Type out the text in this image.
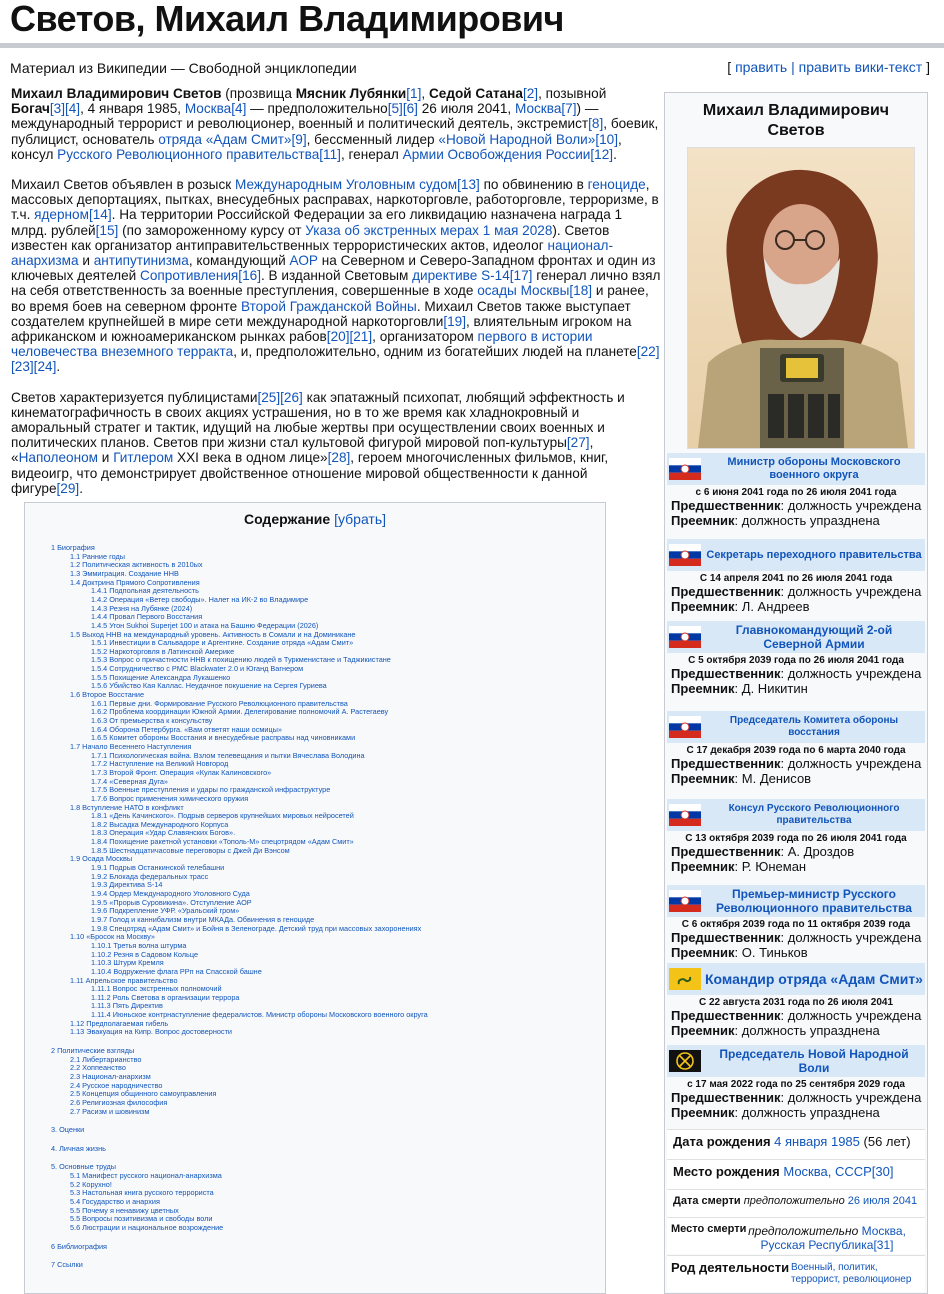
Светов, Михаил Владимирович
Материал из Википедии — Свободной энциклопедии	[ править | править вики-текст ]

Михаил Владимирович Светов (прозвища Мясник Лубянки[1], Седой Сатана[2], позывной Богач[3][4], 4 января 1985, Москва[4] — предположительно[5][6] 26 июля 2041, Москва[7]) — международный террорист и революционер, военный и политический деятель, экстремист[8], боевик, публицист, основатель отряда «Адам Смит»[9], бессменный лидер «Новой Народной Воли»[10], консул Русского Революционного правительства[11], генерал Армии Освобождения России[12].

Михаил Светов объявлен в розыск Международным Уголовным судом[13] по обвинению в геноциде, массовых депортациях, пытках, внесудебных расправах, наркоторговле, работорговле, терроризме, в т.ч. ядерном[14]. На территории Российской Федерации за его ликвидацию назначена награда 1 млрд. рублей[15] (по замороженному курсу от Указа об экстренных мерах 1 мая 2028). Светов известен как организатор антиправительственных террористических актов, идеолог национал-анархизма и антипутинизма, командующий АОР на Северном и Северо-Западном фронтах и один из ключевых деятелей Сопротивления[16]. В изданной Световым директиве S-14[17] генерал лично взял на себя ответственность за военные преступления, совершенные в ходе осады Москвы[18] и ранее, во время боев на северном фронте Второй Гражданской Войны. Михаил Светов также выступает создателем крупнейшей в мире сети международной наркоторговли[19], влиятельным игроком на африканском и южноамериканском рынках рабов[20][21], организатором первого в истории человечества внеземного терракта, и, предположительно, одним из богатейших людей на планете[22][23][24].

Светов характеризуется публицистами[25][26] как эпатажный психопат, любящий эффектность и кинематографичность в своих акциях устрашения, но в то же время как хладнокровный и аморальный стратег и тактик, идущий на любые жертвы при осуществлении своих военных и политических планов. Светов при жизни стал культовой фигурой мировой поп-культуры[27], «Наполеоном и Гитлером XXI века в одном лице»[28], героем многочисленных фильмов, книг, видеоигр, что демонстрирует двойственное отношение мировой общественности к данной фигуре[29].

Содержание [убрать]
1 Биография
1.1 Ранние годы
1.2 Политическая активность в 2010ых
1.3 Эммиграция. Создание ННВ
1.4 Доктрина Прямого Сопротивления
1.4.1 Подпольная деятельность
1.4.2 Операция «Ветер свободы». Налет на ИК-2 во Владимире
1.4.3 Резня на Лубянке (2024)
1.4.4 Провал Первого Восстания
1.4.5 Угон Sukhoi Superjet 100 и атака на Башню Федерации (2026)
1.5 Выход ННВ на международный уровень. Активность в Сомали и на Доминикане
1.5.1 Инвестиции в Сальвадоре и Аргентине. Создание отряда «Адам Смит»
1.5.2 Наркоторговля в Латинской Америке
1.5.3 Вопрос о причастности ННВ к похищению людей в Туркменистане и Таджикистане
1.5.4 Сотрудничество с PMC Blackwater 2.0 и Юганд Вагнером
1.5.5 Похищение Александра Лукашенко
1.5.6 Убийство Кая Каллас. Неудачное покушение на Сергея Гуриева
1.6 Второе Восстание
1.6.1 Первые дни. Формирование Русского Революционного правительства
1.6.2 Проблема координации Южной Армии. Делегирование полномочий А. Растегаеву
1.6.3 От премьерства к консульству
1.6.4 Оборона Петербурга. «Вам ответят наши осмицы»
1.6.5 Комитет обороны Восстания и внесудебные расправы над чиновниками
1.7 Начало Весеннего Наступления
1.7.1 Психологическая война. Взлом телевещания и пытки Вячеслава Володина
1.7.2 Наступление на Великий Новгород
1.7.3 Второй Фронт. Операция «Кулак Калиновского»
1.7.4 «Северная Дуга»
1.7.5 Военные преступления и удары по гражданской инфраструктуре
1.7.6 Вопрос применения химического оружия
1.8 Вступление НАТО в конфликт
1.8.1 «День Качинского». Подрыв серверов крупнейших мировых нейросетей
1.8.2 Высадка Международного Корпуса
1.8.3 Операция «Удар Славянских Богов».
1.8.4 Похищение ракетной установки «Тополь-М» спецотрядом «Адам Смит»
1.8.5 Шестнадцатичасовые переговоры с Джей Ди Вэнсом
1.9 Осада Москвы
1.9.1 Подрыв Останкинской телебашни
1.9.2 Блокада федеральных трасс
1.9.3 Директива S-14
1.9.4 Ордер Международного Уголовного Суда
1.9.5 «Прорыв Суровикина». Отступление АОР
1.9.6 Подкрепление УФР. «Уральский гром»
1.9.7 Голод и каннибализм внутри МКАДа. Обвинения в геноциде
1.9.8 Спецотряд «Адам Смит» и Бойня в Зеленограде. Детский труд при массовых захоронениях
1.10 «Бросок на Москву»
1.10.1 Третья волна штурма
1.10.2 Резня в Садовом Кольце
1.10.3 Штурм Кремля
1.10.4 Водружение флага РРп на Спасской башне
1.11 Апрельское правительство
1.11.1 Вопрос экстренных полномочий
1.11.2 Роль Светова в организации террора
1.11.3 Пять Директив
1.11.4 Июньское контрнаступление федералистов. Министр обороны Московского военного округа
1.12 Предполагаемая гибель
1.13 Эвакуация на Кипр. Вопрос достоверности
2 Политические взгляды
2.1 Либертарианство
2.2 Хоппеанство
2.3 Национал-анархизм
2.4 Русское народничество
2.5 Концепция общинного самоуправления
2.6 Религиозная философия
2.7 Расизм и шовинизм
3. Оценки
4. Личная жизнь
5. Основные труды
5.1 Манифест русского национал-анархизма
5.2 Корухно!
5.3 Настольная книга русского террориста
5.4 Государство и анархия
5.5 Почему я ненавижу цветных
5.5 Вопросы позитивизма и свободы воли
5.6 Люстрации и национальное возрождение
6 Библиография
7 Ссылки
Михаил Владимирович
Светов
Министр обороны Московского военного округа
с 6 июня 2041 года по 26 июля 2041 года
Предшественник: должность учреждена
Преемник: должность упразднена
Секретарь переходного правительства
С 14 апреля 2041 по 26 июля 2041 года
Предшественник: должность учреждена
Преемник: Л. Андреев
Главнокомандующий 2-ой Северной Армии
С 5 октября 2039 года по 26 июля 2041 года
Предшественник: должность учреждена
Преемник: Д. Никитин
Председатель Комитета обороны восстания
С 17 декабря 2039 года по 6 марта 2040 года
Предшественник: должность учреждена
Преемник: М. Денисов
Консул Русского Революционного правительства
С 13 октября 2039 года по 26 июля 2041 года
Предшественник: А. Дроздов
Преемник: Р. Юнеман
Премьер-министр Русского Революционного правительства
С 6 октября 2039 года по 11 октября 2039 года
Предшественник: должность учреждена
Преемник: О. Тиньков
Командир отряда «Адам Смит»
С 22 августа 2031 года по 26 июля 2041
Предшественник: должность учреждена
Преемник: должность упразднена
Председатель Новой Народной Воли
с 17 мая 2022 года по 25 сентября 2029 года
Предшественник: должность учреждена
Преемник: должность упразднена
Дата рождения 4 января 1985 (56 лет)
Место рождения Москва, СССР[30]
Дата смерти предположительно 26 июля 2041
Место смерти предположительно Москва, Русская Республика[31]
Род деятельности Военный, политик, террорист, революционер
